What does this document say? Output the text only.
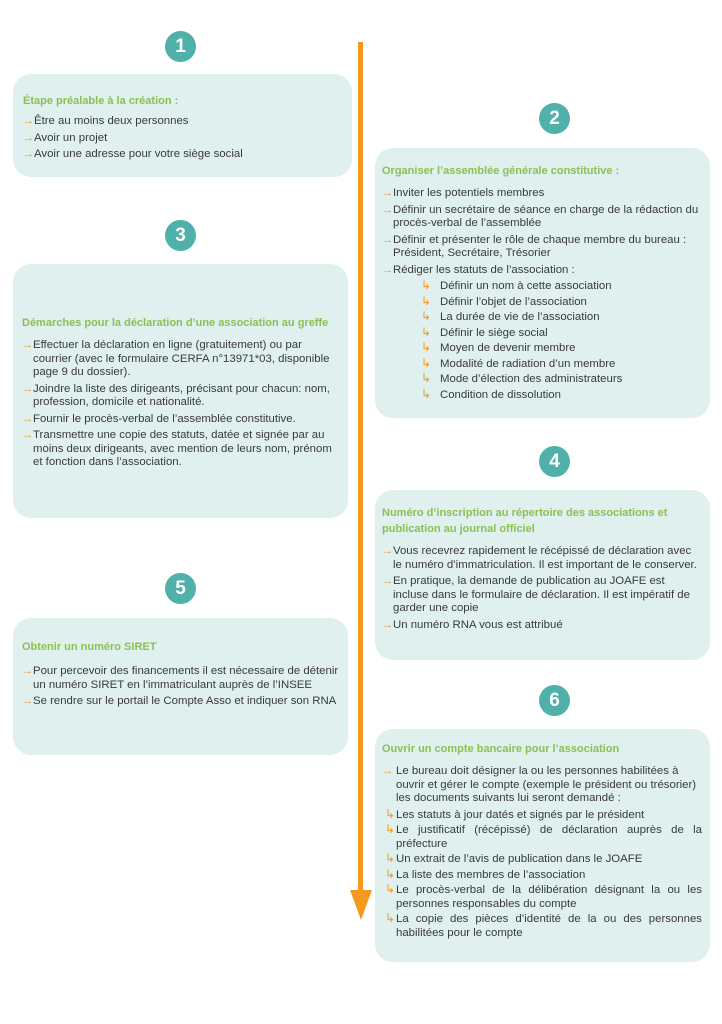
1
Étape préalable à la création :
→ Être au moins deux personnes
→ Avoir un projet
→ Avoir une adresse pour votre siège social
2
Organiser l’assemblée générale constitutive :
→ Inviter les potentiels membres
→ Définir un secrétaire de séance en charge de la rédaction du procès-verbal de l’assemblée
→ Définir et présenter le rôle de chaque membre du bureau : Président, Secrétaire, Trésorier
→ Rédiger les statuts de l’association :
↳ Définir un nom à cette association
↳ Définir l’objet de l’association
↳ La durée de vie de l’association
↳ Définir le siège social
↳ Moyen de devenir membre
↳ Modalité de radiation d’un membre
↳ Mode d’élection des administrateurs
↳ Condition de dissolution
3
Démarches pour la déclaration d’une association au greffe
→ Effectuer la déclaration en ligne (gratuitement) ou par courrier (avec le formulaire CERFA n°13971*03, disponible page 9 du dossier).
→ Joindre la liste des dirigeants, précisant pour chacun: nom, profession, domicile et nationalité.
→ Fournir le procès-verbal de l’assemblée constitutive.
→ Transmettre une copie des statuts, datée et signée par au moins deux dirigeants, avec mention de leurs nom, prénom et fonction dans l’association.	4
Numéro d’inscription au répertoire des associations et publication au journal officiel
→ Vous recevrez rapidement le récépissé de déclaration avec le numéro d’immatriculation. Il est important de le conserver.
→ En pratique, la demande de publication au JOAFE est incluse dans le formulaire de déclaration. Il est impératif de garder une copie
→ Un numéro RNA vous est attribué
5
Obtenir un numéro SIRET
→ Pour percevoir des financements il est nécessaire de détenir un numéro SIRET en l’immatriculant auprès de l’INSEE
→ Se rendre sur le portail le Compte Asso et indiquer son RNA	6
Ouvrir un compte bancaire pour l’association
→ Le bureau doit désigner la ou les personnes habilitées à ouvrir et gérer le compte (exemple le président ou trésorier) les documents suivants lui seront demandé :
↳ Les statuts à jour datés et signés par le président
↳ Le justificatif (récépissé) de déclaration auprès de la préfecture
↳ Un extrait de l’avis de publication dans le JOAFE
↳ La liste des membres de l’association
↳ Le procès-verbal de la délibération désignant la ou les personnes responsables du compte
↳ La copie des pièces d’identité de la ou des personnes habilitées pour le compte
